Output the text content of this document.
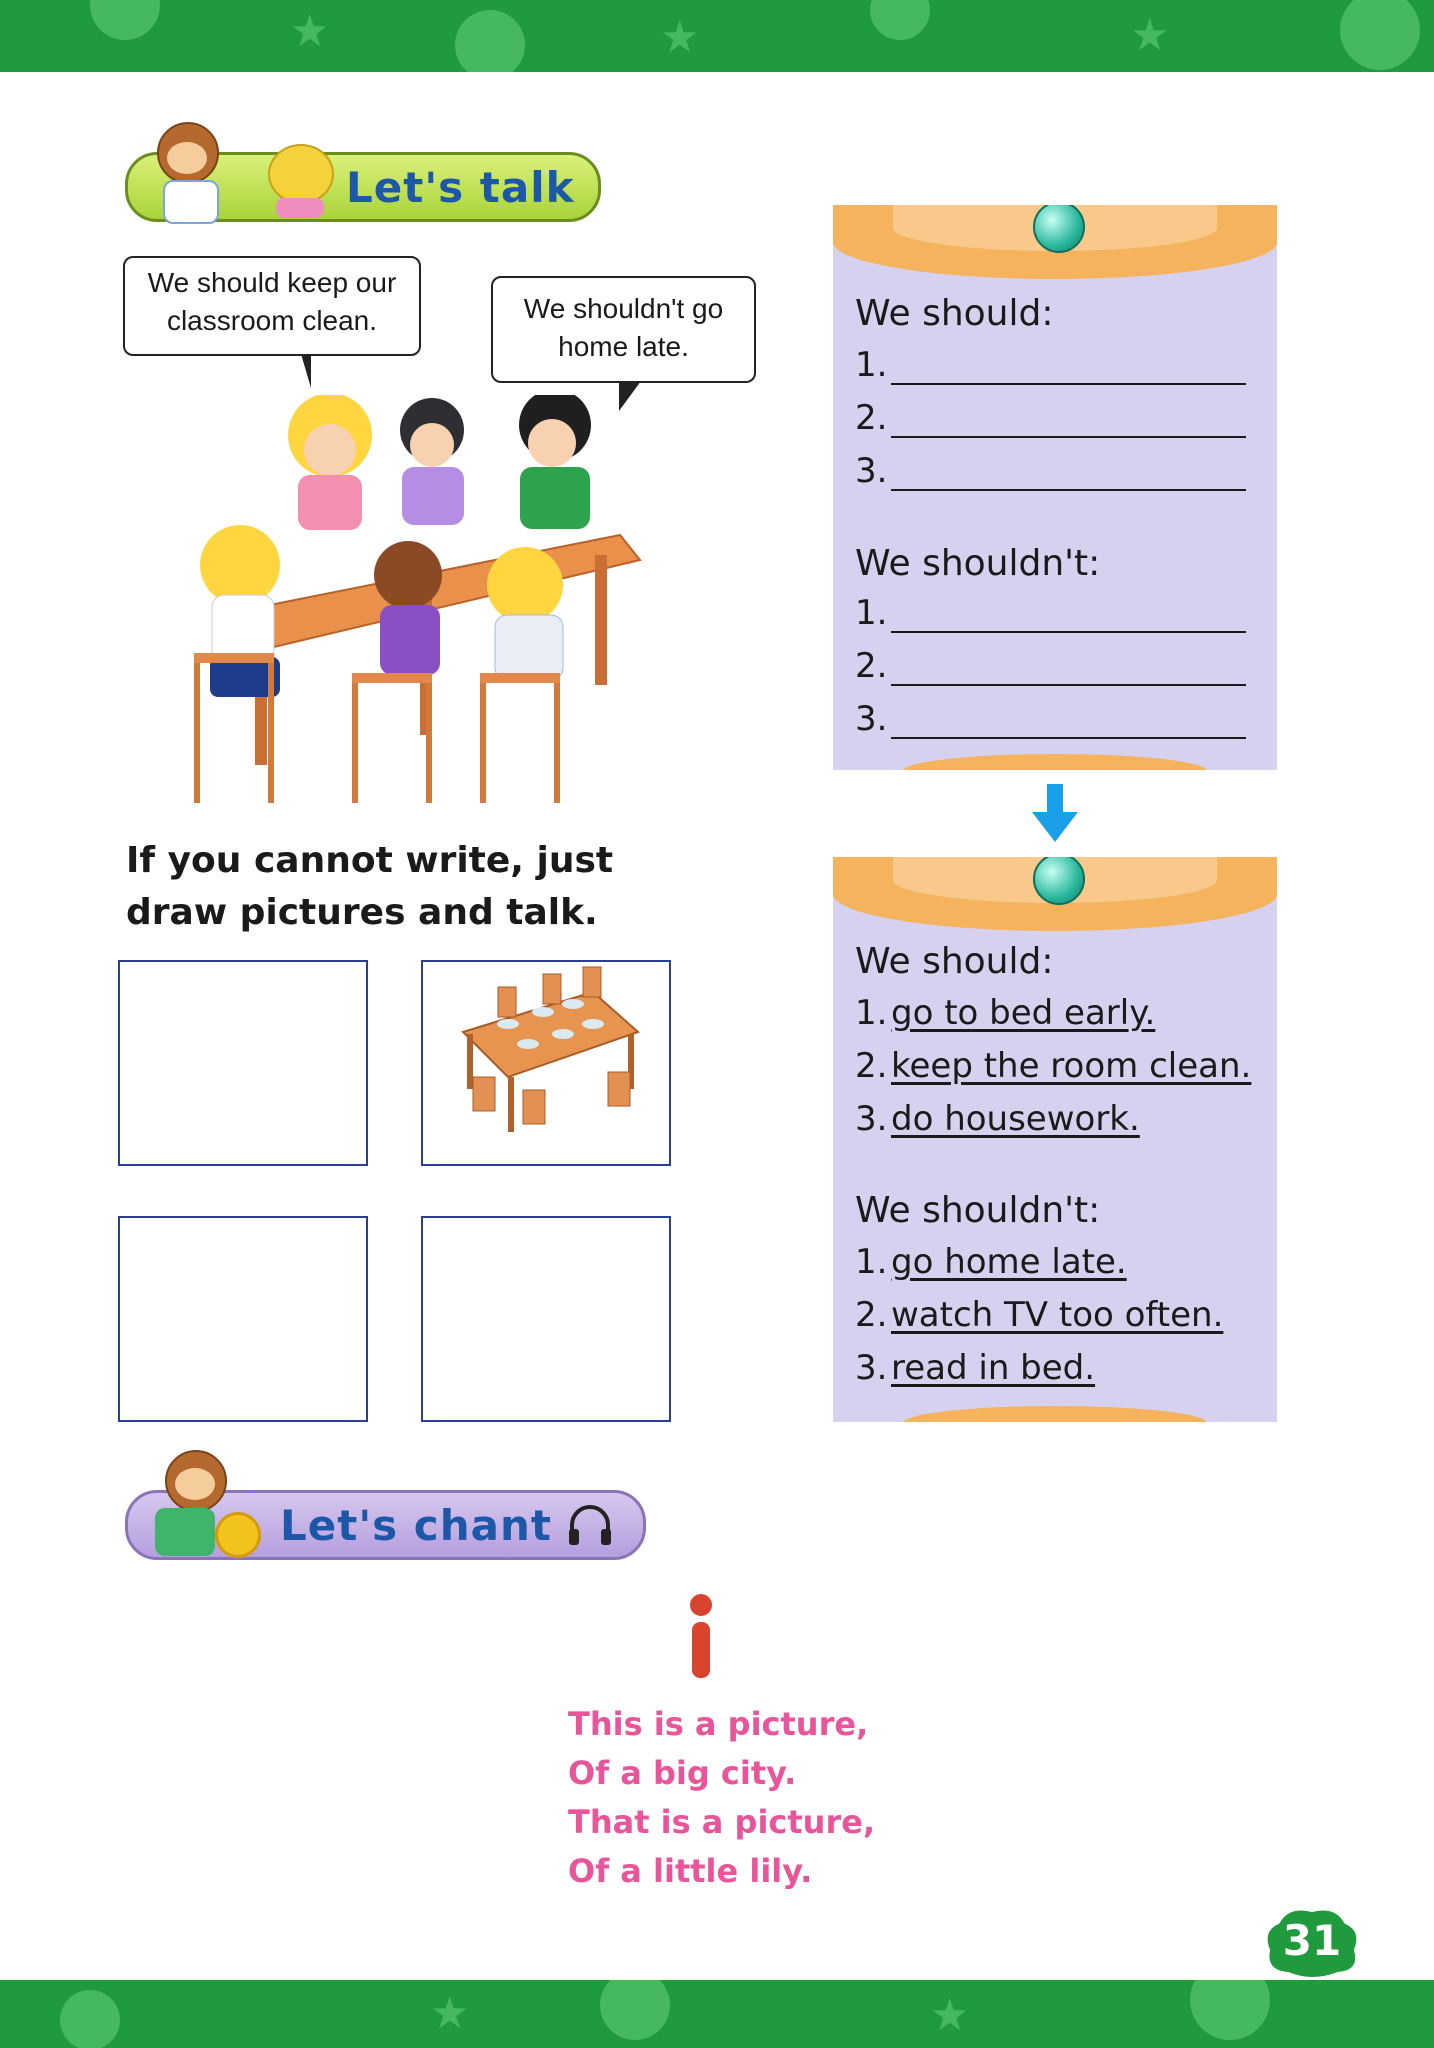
★	★	★
Let's talk
We should keep our classroom clean.	We shouldn't go home late.
If you cannot write, just draw pictures and talk.
We should:
1.
2.
3.
We shouldn't:
1.
2.
3.
We should:
1. go to bed early.
2. keep the room clean.
3. do housework.
We shouldn't:
1. go home late.
2. watch TV too often.
3. read in bed.
Let's chant
This is a picture,
Of a big city.
That is a picture,
Of a little lily.
31
★	★
